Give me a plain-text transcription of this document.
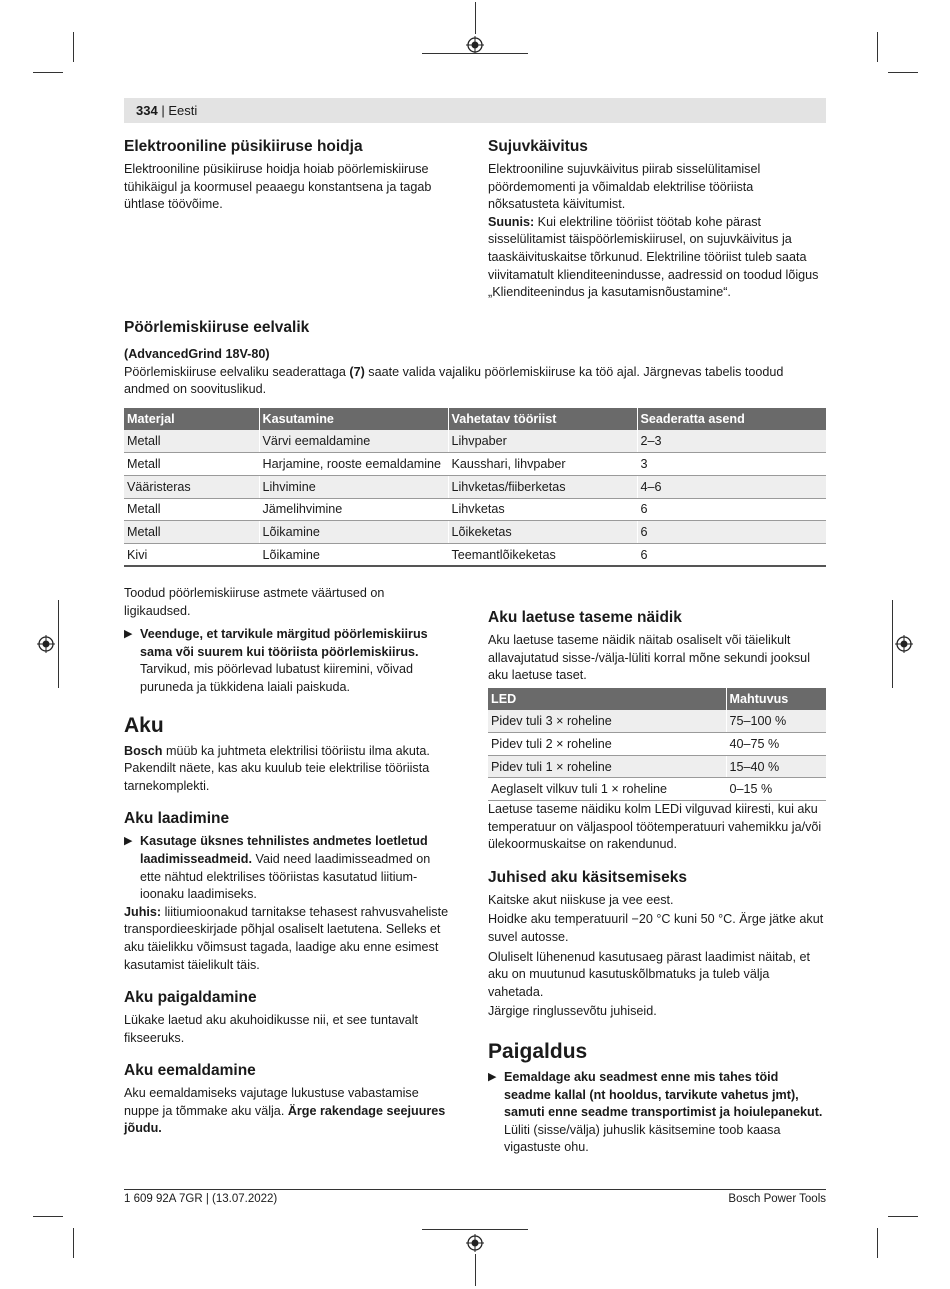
334 | Eesti
Elektrooniline püsikiiruse hoidja
Elektrooniline püsikiiruse hoidja hoiab pöörlemiskiiruse tühikäigul ja koormusel peaaegu konstantsena ja tagab ühtlase töövõime.
Sujuvkäivitus
Elektrooniline sujuvkäivitus piirab sisselülitamisel pöördemomenti ja võimaldab elektrilise tööriista nõksatusteta käivitumist.
Suunis: Kui elektriline tööriist töötab kohe pärast sisselülitamist täispöörlemiskiirusel, on sujuvkäivitus ja taaskäivituskaitse tõrkunud. Elektriline tööriist tuleb saata viivitamatult klienditeenindusse, aadressid on toodud lõigus „Klienditeenindus ja kasutamisnõustamine“.
Pöörlemiskiiruse eelvalik
(AdvancedGrind 18V-80)
Pöörlemiskiiruse eelvaliku seaderattaga (7) saate valida vajaliku pöörlemiskiiruse ka töö ajal. Järgnevas tabelis toodud andmed on soovituslikud.
Materjal	Kasutamine	Vahetatav tööriist	Seaderatta asend
Metall	Värvi eemaldamine	Lihvpaber	2–3
Metall	Harjamine, rooste eemaldamine	Kausshari, lihvpaber	3
Vääristeras	Lihvimine	Lihvketas/fiiberketas	4–6
Metall	Jämelihvimine	Lihvketas	6
Metall	Lõikamine	Lõikeketas	6
Kivi	Lõikamine	Teemantlõikeketas	6
Toodud pöörlemiskiiruse astmete väärtused on ligikaudsed.
▶ Veenduge, et tarvikule märgitud pöörlemiskiirus sama või suurem kui tööriista pöörlemiskiirus. Tarvikud, mis pöörlevad lubatust kiiremini, võivad puruneda ja tükkidena laiali paiskuda.
Aku
Bosch müüb ka juhtmeta elektrilisi tööriistu ilma akuta. Pakendilt näete, kas aku kuulub teie elektrilise tööriista tarnekomplekti.
Aku laadimine
▶ Kasutage üksnes tehnilistes andmetes loetletud laadimisseadmeid. Vaid need laadimisseadmed on ette nähtud elektrilises tööriistas kasutatud liitium-ioonaku laadimiseks.
Juhis: liitiumioonakud tarnitakse tehasest rahvusvaheliste transpordieeskirjade põhjal osaliselt laetutena. Selleks et aku täielikku võimsust tagada, laadige aku enne esimest kasutamist täielikult täis.
Aku paigaldamine
Lükake laetud aku akuhoidikusse nii, et see tuntavalt fikseeruks.
Aku eemaldamine
Aku eemaldamiseks vajutage lukustuse vabastamise nuppe ja tõmmake aku välja. Ärge rakendage seejuures jõudu.
Aku laetuse taseme näidik
Aku laetuse taseme näidik näitab osaliselt või täielikult allavajutatud sisse-/välja-lüliti korral mõne sekundi jooksul aku laetuse taset.
LED	Mahtuvus
Pidev tuli 3 × roheline	75–100 %
Pidev tuli 2 × roheline	40–75 %
Pidev tuli 1 × roheline	15–40 %
Aeglaselt vilkuv tuli 1 × roheline	0–15 %
Laetuse taseme näidiku kolm LEDi vilguvad kiiresti, kui aku temperatuur on väljaspool töötemperatuuri vahemikku ja/või ülekoormuskaitse on rakendunud.
Juhised aku käsitsemiseks
Kaitske akut niiskuse ja vee eest.
Hoidke aku temperatuuril −20 °C kuni 50 °C. Ärge jätke akut suvel autosse.
Oluliselt lühenenud kasutusaeg pärast laadimist näitab, et aku on muutunud kasutuskõlbmatuks ja tuleb välja vahetada.
Järgige ringlussevõtu juhiseid.
Paigaldus
▶ Eemaldage aku seadmest enne mis tahes töid seadme kallal (nt hooldus, tarvikute vahetus jmt), samuti enne seadme transportimist ja hoiulepanekut. Lüliti (sisse/välja) juhuslik käsitsemine toob kaasa vigastuste ohu.
1 609 92A 7GR | (13.07.2022)	Bosch Power Tools
